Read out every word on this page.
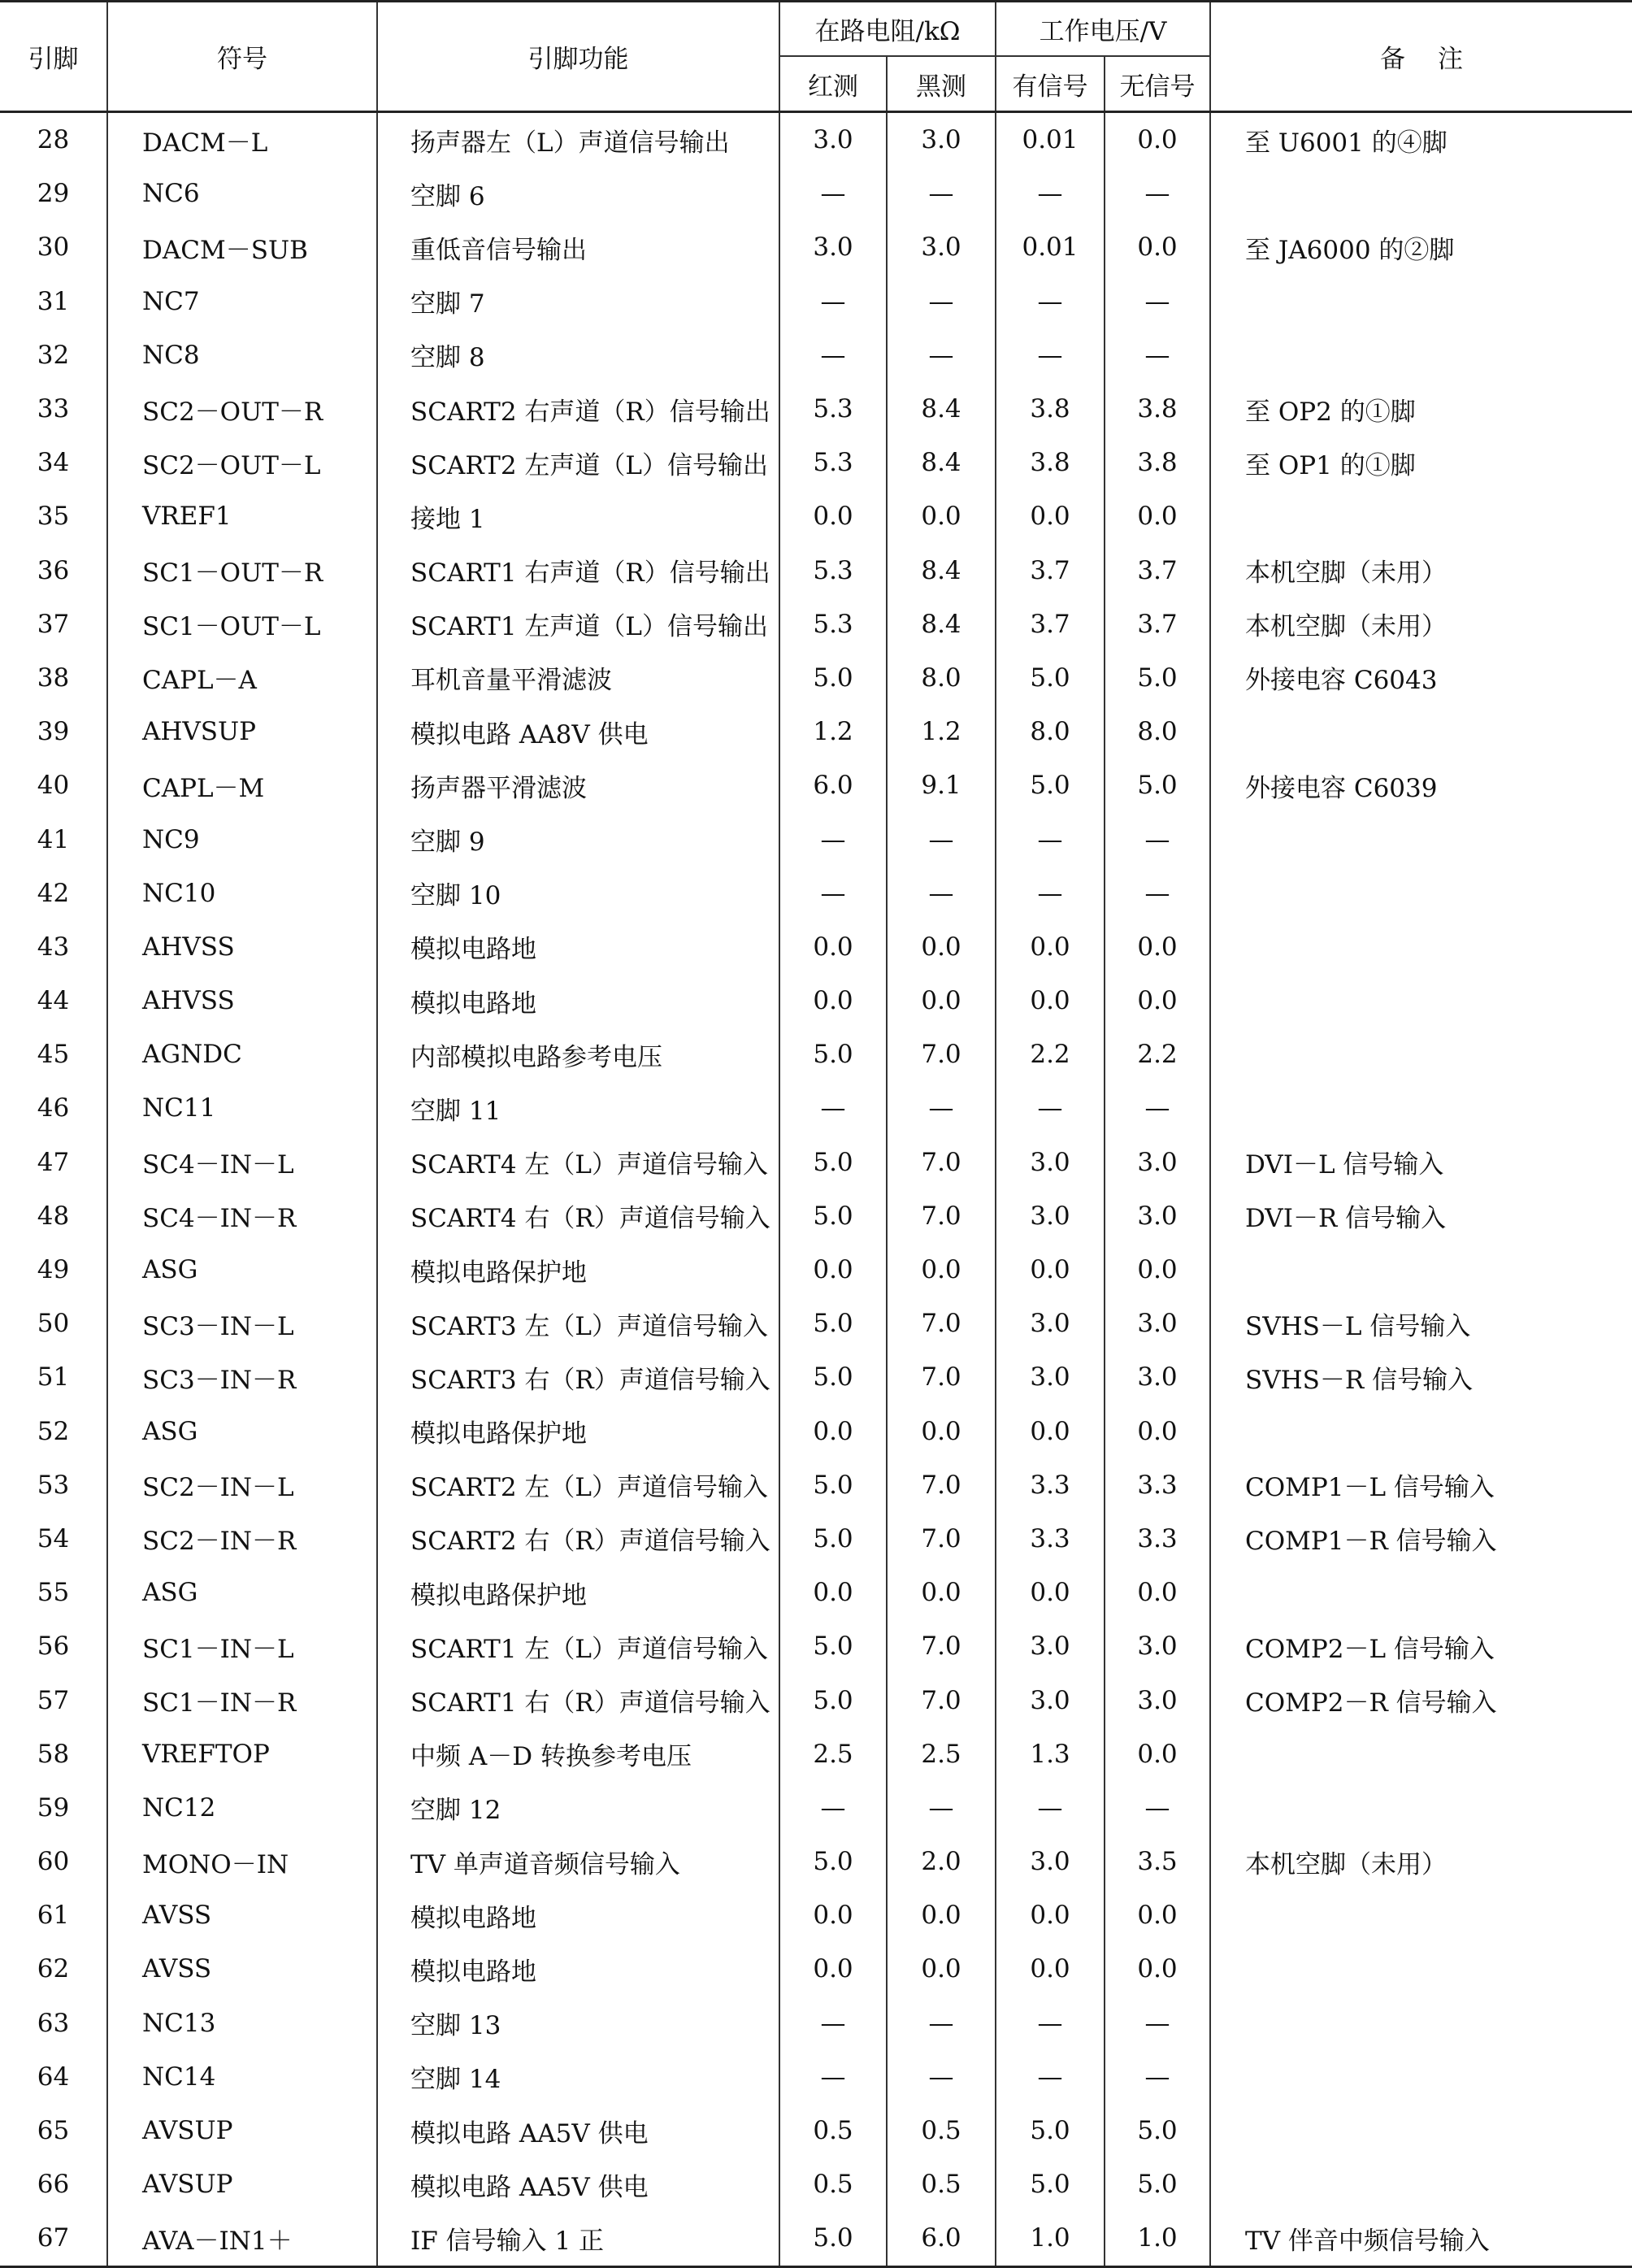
引脚	符号	引脚功能	在路电阻/kΩ		工作电压/V		备注
			红测	黑测	有信号	无信号	
28	DACM－L	扬声器左（L）声道信号输出	3.0	3.0	0.01	0.0	至 U6001 的④脚
29	NC6	空脚 6	—	—	—	—	
30	DACM－SUB	重低音信号输出	3.0	3.0	0.01	0.0	至 JA6000 的②脚
31	NC7	空脚 7	—	—	—	—	
32	NC8	空脚 8	—	—	—	—	
33	SC2－OUT－R	SCART2 右声道（R）信号输出	5.3	8.4	3.8	3.8	至 OP2 的①脚
34	SC2－OUT－L	SCART2 左声道（L）信号输出	5.3	8.4	3.8	3.8	至 OP1 的①脚
35	VREF1	接地 1	0.0	0.0	0.0	0.0	
36	SC1－OUT－R	SCART1 右声道（R）信号输出	5.3	8.4	3.7	3.7	本机空脚（未用）
37	SC1－OUT－L	SCART1 左声道（L）信号输出	5.3	8.4	3.7	3.7	本机空脚（未用）
38	CAPL－A	耳机音量平滑滤波	5.0	8.0	5.0	5.0	外接电容 C6043
39	AHVSUP	模拟电路 AA8V 供电	1.2	1.2	8.0	8.0	
40	CAPL－M	扬声器平滑滤波	6.0	9.1	5.0	5.0	外接电容 C6039
41	NC9	空脚 9	—	—	—	—	
42	NC10	空脚 10	—	—	—	—	
43	AHVSS	模拟电路地	0.0	0.0	0.0	0.0	
44	AHVSS	模拟电路地	0.0	0.0	0.0	0.0	
45	AGNDC	内部模拟电路参考电压	5.0	7.0	2.2	2.2	
46	NC11	空脚 11	—	—	—	—	
47	SC4－IN－L	SCART4 左（L）声道信号输入	5.0	7.0	3.0	3.0	DVI－L 信号输入
48	SC4－IN－R	SCART4 右（R）声道信号输入	5.0	7.0	3.0	3.0	DVI－R 信号输入
49	ASG	模拟电路保护地	0.0	0.0	0.0	0.0	
50	SC3－IN－L	SCART3 左（L）声道信号输入	5.0	7.0	3.0	3.0	SVHS－L 信号输入
51	SC3－IN－R	SCART3 右（R）声道信号输入	5.0	7.0	3.0	3.0	SVHS－R 信号输入
52	ASG	模拟电路保护地	0.0	0.0	0.0	0.0	
53	SC2－IN－L	SCART2 左（L）声道信号输入	5.0	7.0	3.3	3.3	COMP1－L 信号输入
54	SC2－IN－R	SCART2 右（R）声道信号输入	5.0	7.0	3.3	3.3	COMP1－R 信号输入
55	ASG	模拟电路保护地	0.0	0.0	0.0	0.0	
56	SC1－IN－L	SCART1 左（L）声道信号输入	5.0	7.0	3.0	3.0	COMP2－L 信号输入
57	SC1－IN－R	SCART1 右（R）声道信号输入	5.0	7.0	3.0	3.0	COMP2－R 信号输入
58	VREFTOP	中频 A－D 转换参考电压	2.5	2.5	1.3	0.0	
59	NC12	空脚 12	—	—	—	—	
60	MONO－IN	TV 单声道音频信号输入	5.0	2.0	3.0	3.5	本机空脚（未用）
61	AVSS	模拟电路地	0.0	0.0	0.0	0.0	
62	AVSS	模拟电路地	0.0	0.0	0.0	0.0	
63	NC13	空脚 13	—	—	—	—	
64	NC14	空脚 14	—	—	—	—	
65	AVSUP	模拟电路 AA5V 供电	0.5	0.5	5.0	5.0	
66	AVSUP	模拟电路 AA5V 供电	0.5	0.5	5.0	5.0	
67	AVA－IN1＋	IF 信号输入 1 正	5.0	6.0	1.0	1.0	TV 伴音中频信号输入
